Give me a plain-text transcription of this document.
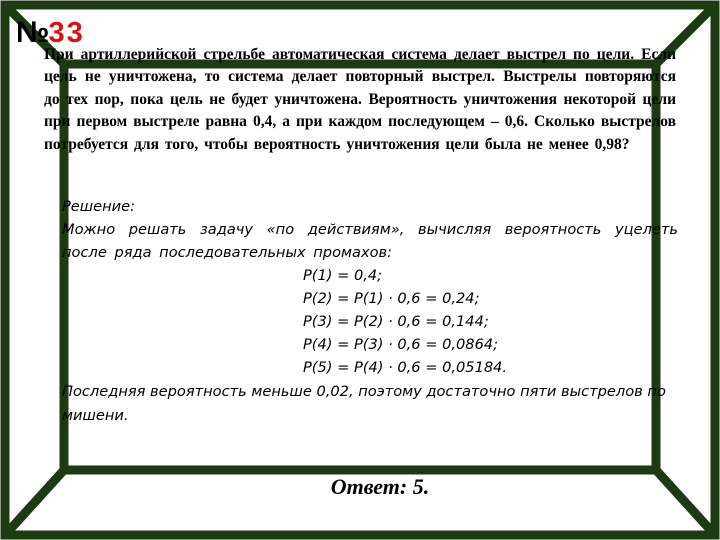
№33
При артиллерийской стрельбе автоматическая система делает выстрел по цели. Если цель не уничтожена, то система делает повторный выстрел. Выстрелы повторяются до тех пор, пока цель не будет уничтожена. Вероятность уничтожения некоторой цели при первом выстреле равна 0,4, а при каждом последующем – 0,6. Сколько выстрелов потребуется для того, чтобы вероятность уничтожения цели была не менее 0,98?
Решение:
Можно решать задачу «по действиям», вычисляя вероятность уцелеть после ряда последовательных промахов:
P(1) = 0,4;
P(2) = P(1) · 0,6 = 0,24;
P(3) = P(2) · 0,6 = 0,144;
P(4) = P(3) · 0,6 = 0,0864;
P(5) = P(4) · 0,6 = 0,05184.
Последняя вероятность меньше 0,02, поэтому достаточно пяти выстрелов по мишени.
Ответ: 5.
